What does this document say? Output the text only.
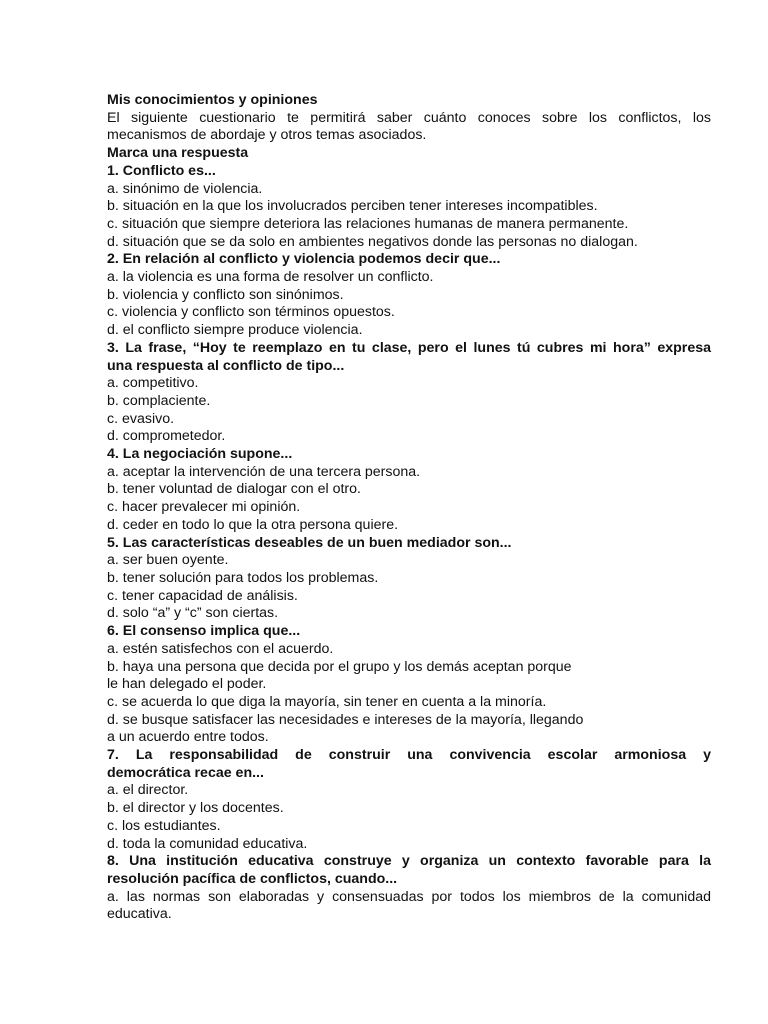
Mis conocimientos y opiniones
El siguiente cuestionario te permitirá saber cuánto conoces sobre los conflictos, los
mecanismos de abordaje y otros temas asociados.
Marca una respuesta
1. Conflicto es...
a. sinónimo de violencia.
b. situación en la que los involucrados perciben tener intereses incompatibles.
c. situación que siempre deteriora las relaciones humanas de manera permanente.
d. situación que se da solo en ambientes negativos donde las personas no dialogan.
2. En relación al conflicto y violencia podemos decir que...
a. la violencia es una forma de resolver un conflicto.
b. violencia y conflicto son sinónimos.
c. violencia y conflicto son términos opuestos.
d. el conflicto siempre produce violencia.
3. La frase, “Hoy te reemplazo en tu clase, pero el lunes tú cubres mi hora” expresa
una respuesta al conflicto de tipo...
a. competitivo.
b. complaciente.
c. evasivo.
d. comprometedor.
4. La negociación supone...
a. aceptar la intervención de una tercera persona.
b. tener voluntad de dialogar con el otro.
c. hacer prevalecer mi opinión.
d. ceder en todo lo que la otra persona quiere.
5. Las características deseables de un buen mediador son...
a. ser buen oyente.
b. tener solución para todos los problemas.
c. tener capacidad de análisis.
d. solo “a” y “c” son ciertas.
6. El consenso implica que...
a. estén satisfechos con el acuerdo.
b. haya una persona que decida por el grupo y los demás aceptan porque
le han delegado el poder.
c. se acuerda lo que diga la mayoría, sin tener en cuenta a la minoría.
d. se busque satisfacer las necesidades e intereses de la mayoría, llegando
a un acuerdo entre todos.
7. La responsabilidad de construir una convivencia escolar armoniosa y
democrática recae en...
a. el director.
b. el director y los docentes.
c. los estudiantes.
d. toda la comunidad educativa.
8. Una institución educativa construye y organiza un contexto favorable para la
resolución pacífica de conflictos, cuando...
a. las normas son elaboradas y consensuadas por todos los miembros de la comunidad educativa.
